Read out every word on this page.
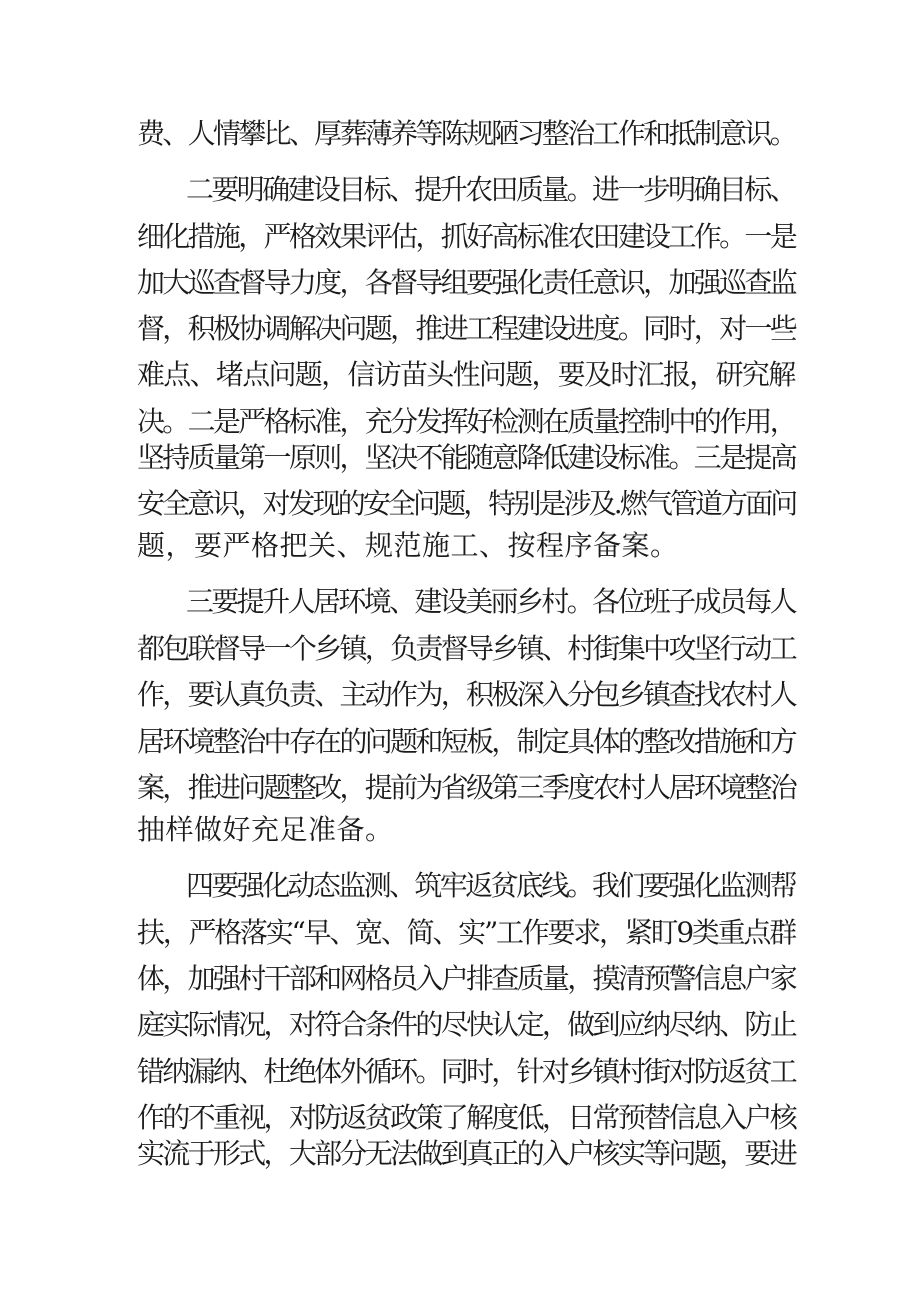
费、人情攀比、厚葬薄养等陈规陋习整治工作和抵制意识。
二要明确建设目标、提升农田质量。进一步明确目标、
细化措施，严格效果评估，抓好高标准农田建设工作。一是
加大巡查督导力度，各督导组要强化责任意识，加强巡查监
督，积极协调解决问题，推进工程建设进度。同时，对一些
难点、堵点问题，信访苗头性问题，要及时汇报，研究解
决。二是严格标准，充分发挥好检测在质量控制中的作用，
坚持质量第一原则，坚决不能随意降低建设标准。三是提高
安全意识，对发现的安全问题，特别是涉及.燃气管道方面问
题，要严格把关、规范施工、按程序备案。
三要提升人居环境、建设美丽乡村。各位班子成员每人
都包联督导一个乡镇，负责督导乡镇、村街集中攻坚行动工
作，要认真负责、主动作为，积极深入分包乡镇查找农村人
居环境整治中存在的问题和短板，制定具体的整改措施和方
案，推进问题整改，提前为省级第三季度农村人居环境整治
抽样做好充足准备。
四要强化动态监测、筑牢返贫底线。我们要强化监测帮
扶，严格落实“早、宽、简、实”工作要求，紧盯9类重点群
体，加强村干部和网格员入户排查质量，摸清预警信息户家
庭实际情况，对符合条件的尽快认定，做到应纳尽纳、防止
错纳漏纳、杜绝体外循环。同时，针对乡镇村街对防返贫工
作的不重视，对防返贫政策了解度低，日常预替信息入户核
实流于形式，大部分无法做到真正的入户核实等问题，要进
